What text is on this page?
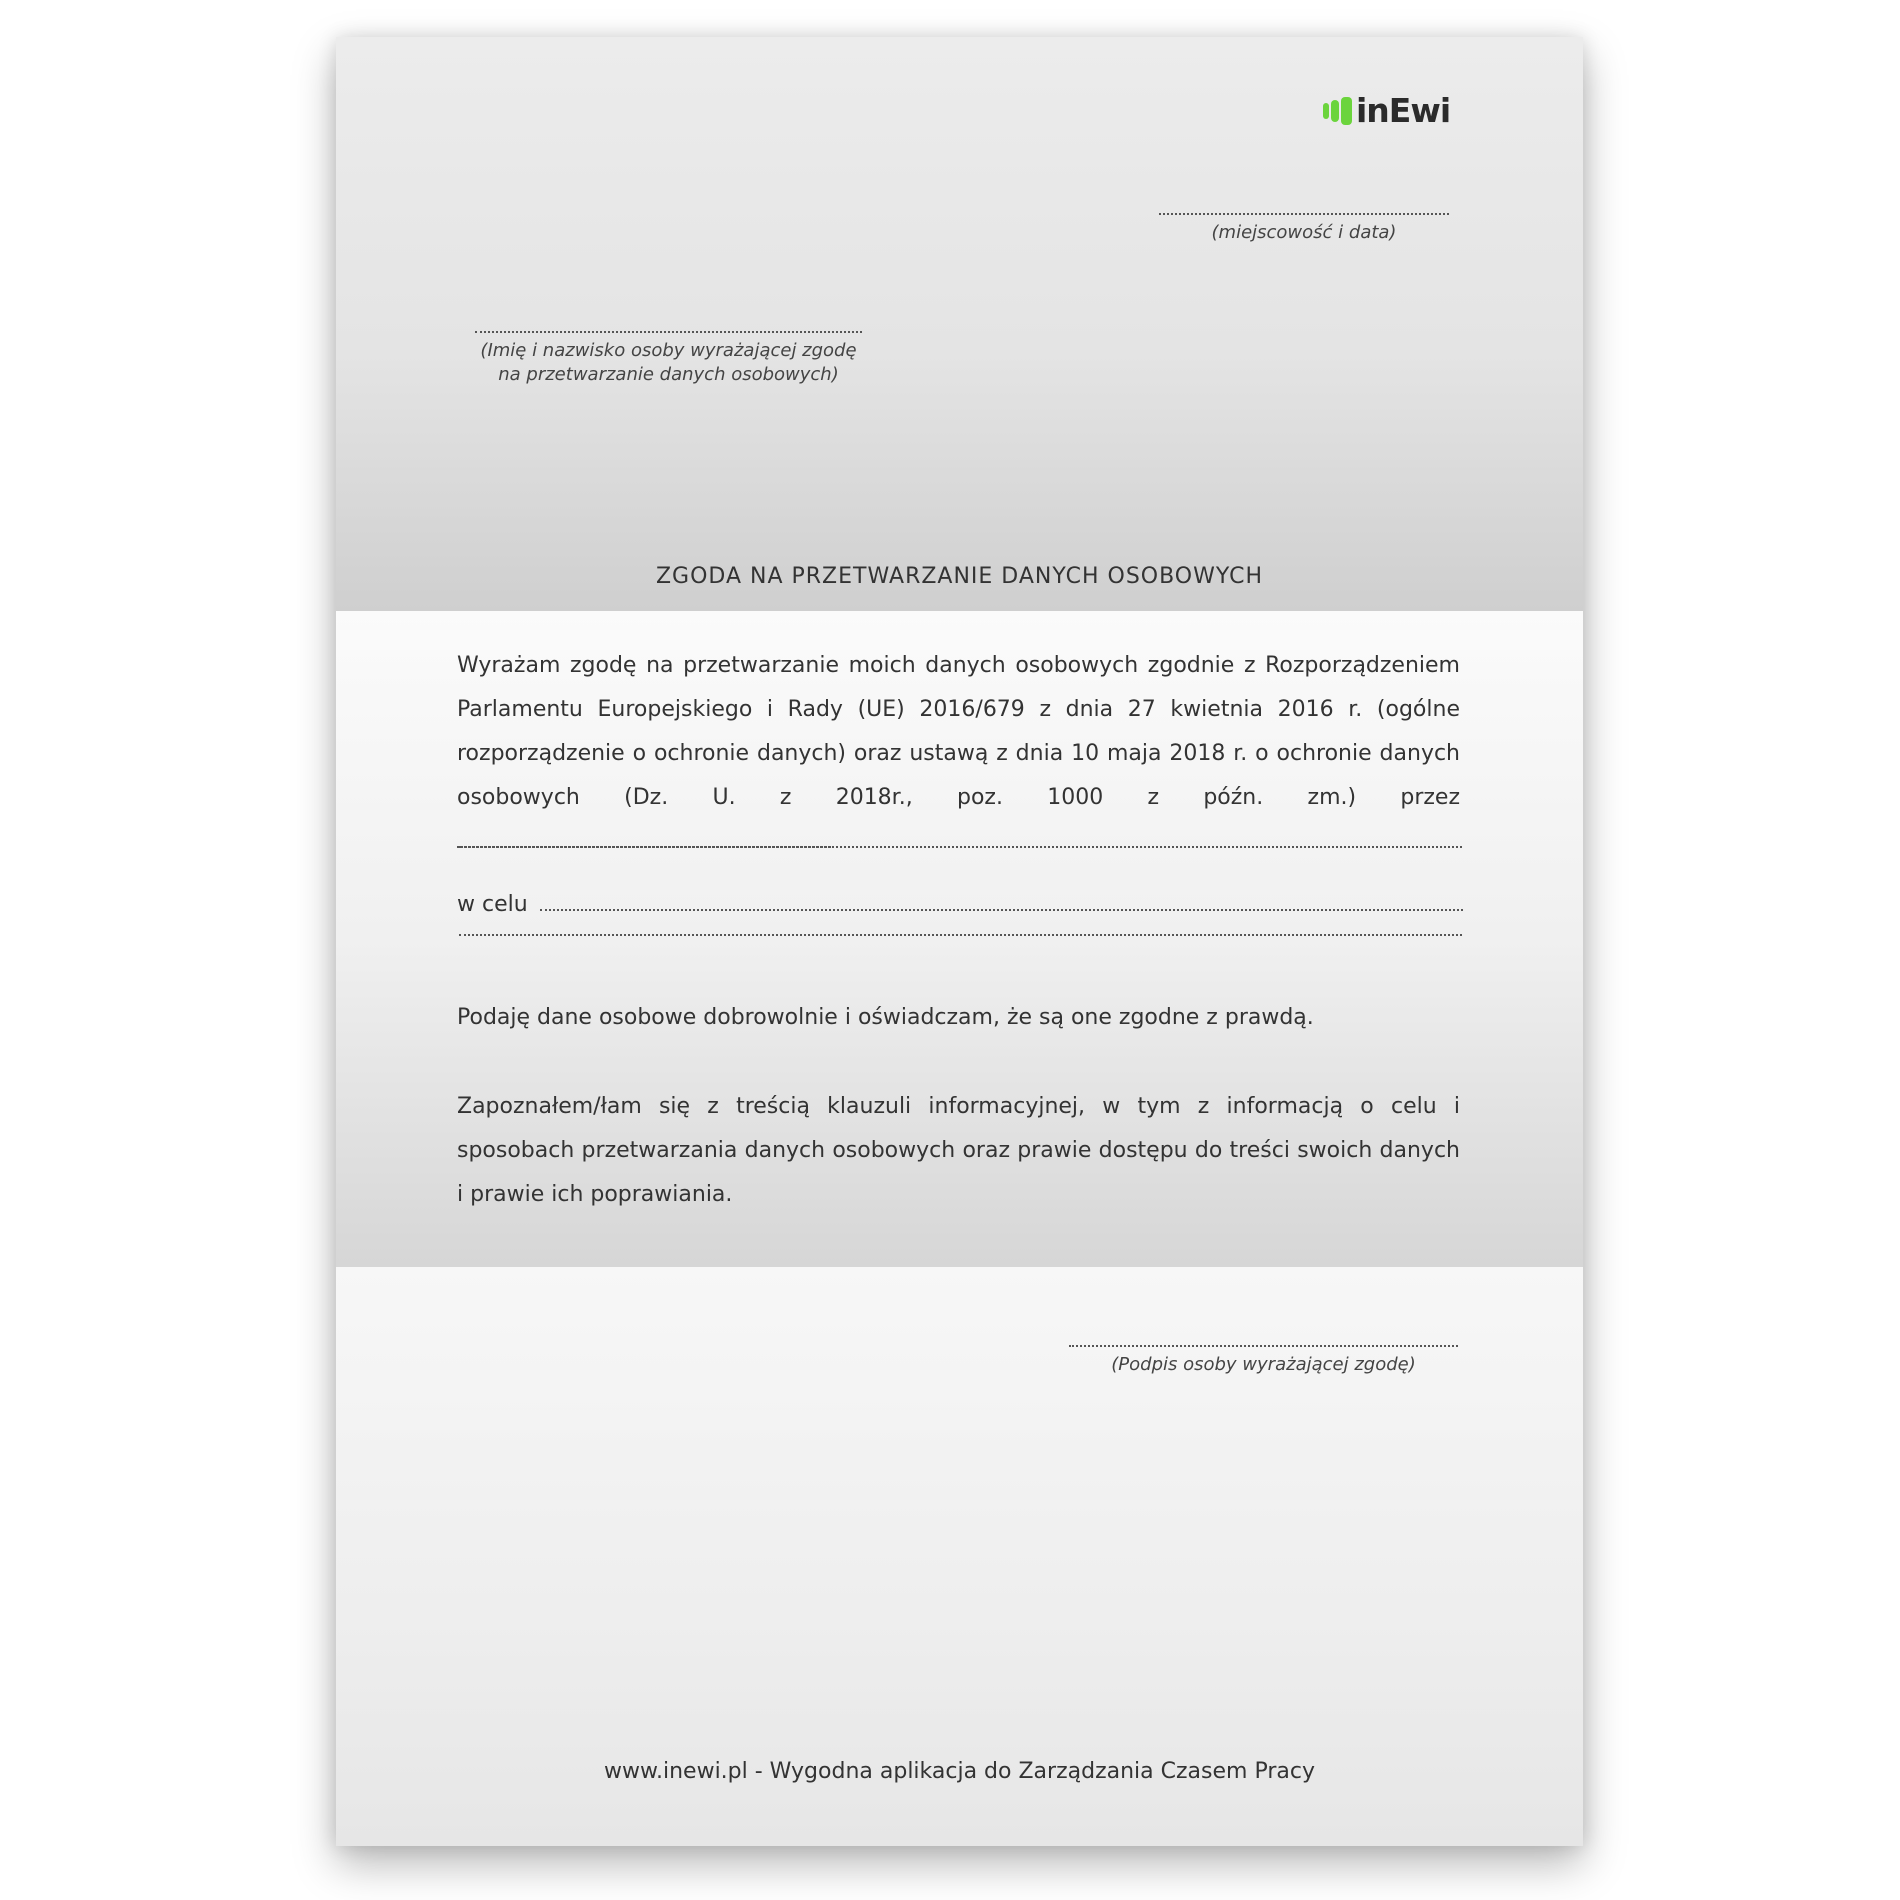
inEwi
(miejscowość i data)
(Imię i nazwisko osoby wyrażającej zgodę
na przetwarzanie danych osobowych)
ZGODA NA PRZETWARZANIE DANYCH OSOBOWYCH
Wyrażam zgodę na przetwarzanie moich danych osobowych zgodnie z Rozporządzeniem Parlamentu Europejskiego i Rady (UE) 2016/679 z dnia 27 kwietnia 2016 r. (ogólne rozporządzenie o ochronie danych) oraz ustawą z dnia 10 maja 2018 r. o ochronie danych osobowych (Dz. U. z 2018r., poz. 1000 z późn. zm.) przez
w celu
Podaję dane osobowe dobrowolnie i oświadczam, że są one zgodne z prawdą.
Zapoznałem/łam się z treścią klauzuli informacyjnej, w tym z informacją o celu i sposobach przetwarzania danych osobowych oraz prawie dostępu do treści swoich danych i prawie ich poprawiania.
(Podpis osoby wyrażającej zgodę)
www.inewi.pl - Wygodna aplikacja do Zarządzania Czasem Pracy
